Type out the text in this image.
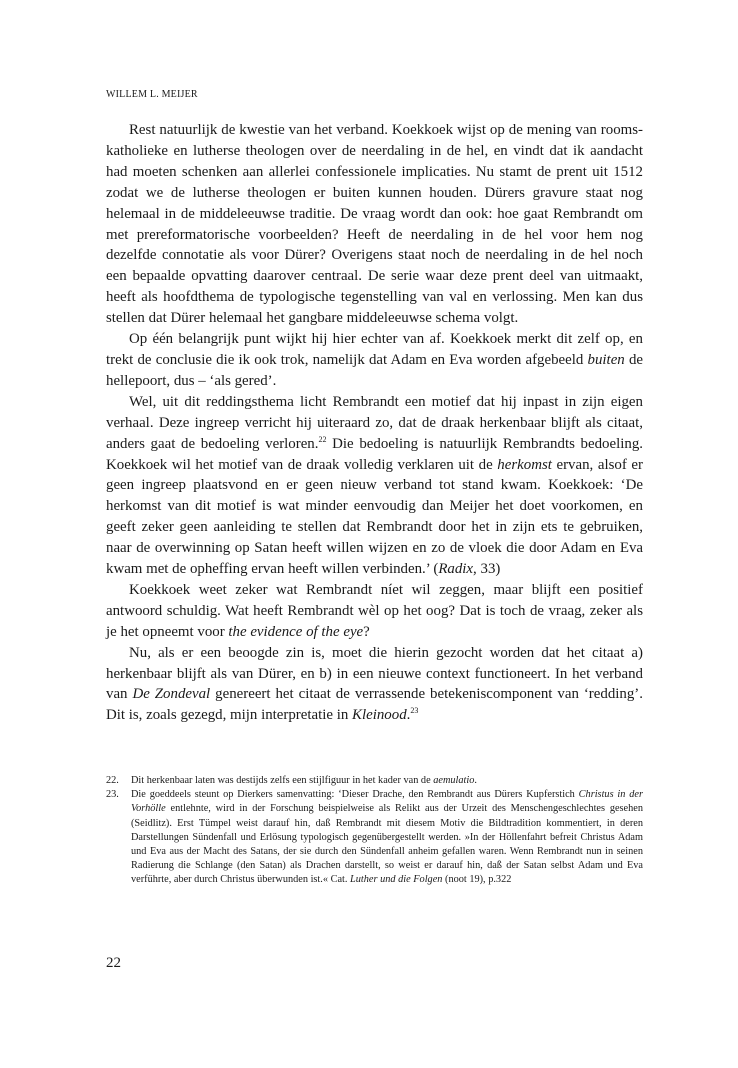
WILLEM L. MEIJER

Rest natuurlijk de kwestie van het verband. Koekkoek wijst op de mening van rooms-katholieke en lutherse theologen over de neerdaling in de hel, en vindt dat ik aandacht had moeten schenken aan allerlei confessionele implicaties. Nu stamt de prent uit 1512 zodat we de lutherse theologen er buiten kunnen houden. Dürers gravure staat nog helemaal in de middeleeuwse traditie. De vraag wordt dan ook: hoe gaat Rembrandt om met prereformatorische voorbeelden? Heeft de neerdaling in de hel voor hem nog dezelfde connotatie als voor Dürer? Overigens staat noch de neerdaling in de hel noch een bepaalde opvatting daarover centraal. De serie waar deze prent deel van uitmaakt, heeft als hoofdthema de typologische tegenstelling van val en verlossing. Men kan dus stellen dat Dürer helemaal het gangbare middeleeuwse schema volgt.

Op één belangrijk punt wijkt hij hier echter van af. Koekkoek merkt dit zelf op, en trekt de conclusie die ik ook trok, namelijk dat Adam en Eva worden afgebeeld buiten de hellepoort, dus – ‘als gered’.

Wel, uit dit reddingsthema licht Rembrandt een motief dat hij inpast in zijn eigen verhaal. Deze ingreep verricht hij uiteraard zo, dat de draak herkenbaar blijft als citaat, anders gaat de bedoeling verloren.$^{22}$ Die bedoeling is natuurlijk Rembrandts bedoeling. Koekkoek wil het motief van de draak volledig verklaren uit de herkomst ervan, alsof er geen ingreep plaatsvond en er geen nieuw verband tot stand kwam. Koekkoek: ‘De herkomst van dit motief is wat minder eenvoudig dan Meijer het doet voorkomen, en geeft zeker geen aanleiding te stellen dat Rembrandt door het in zijn ets te gebruiken, naar de overwinning op Satan heeft willen wijzen en zo de vloek die door Adam en Eva kwam met de opheffing ervan heeft willen verbinden.’ (Radix, 33)

Koekkoek weet zeker wat Rembrandt níet wil zeggen, maar blijft een positief antwoord schuldig. Wat heeft Rembrandt wèl op het oog? Dat is toch de vraag, zeker als je het opneemt voor the evidence of the eye?

Nu, als er een beoogde zin is, moet die hierin gezocht worden dat het citaat a) herkenbaar blijft als van Dürer, en b) in een nieuwe context functioneert. In het verband van De Zondeval genereert het citaat de verrassende betekeniscomponent van ‘redding’. Dit is, zoals gezegd, mijn interpretatie in Kleinood.$^{23}$

22. Dit herkenbaar laten was destijds zelfs een stijlfiguur in het kader van de aemulatio.
23. Die goeddeels steunt op Dierkers samenvatting: ‘Dieser Drache, den Rembrandt aus Dürers Kupferstich Christus in der Vorhölle entlehnte, wird in der Forschung beispielweise als Relikt aus der Urzeit des Menschengeschlechtes gesehen (Seidlitz). Erst Tümpel weist darauf hin, daß Rembrandt mit diesem Motiv die Bildtradition kommentiert, in deren Darstellungen Sündenfall und Erlösung typologisch gegenübergestellt werden. »In der Höllenfahrt befreit Christus Adam und Eva aus der Macht des Satans, der sie durch den Sündenfall anheim gefallen waren. Wenn Rembrandt nun in seinen Radierung die Schlange (den Satan) als Drachen darstellt, so weist er darauf hin, daß der Satan selbst Adam und Eva verführte, aber durch Christus überwunden ist.« Cat. Luther und die Folgen (noot 19), p.322
22
